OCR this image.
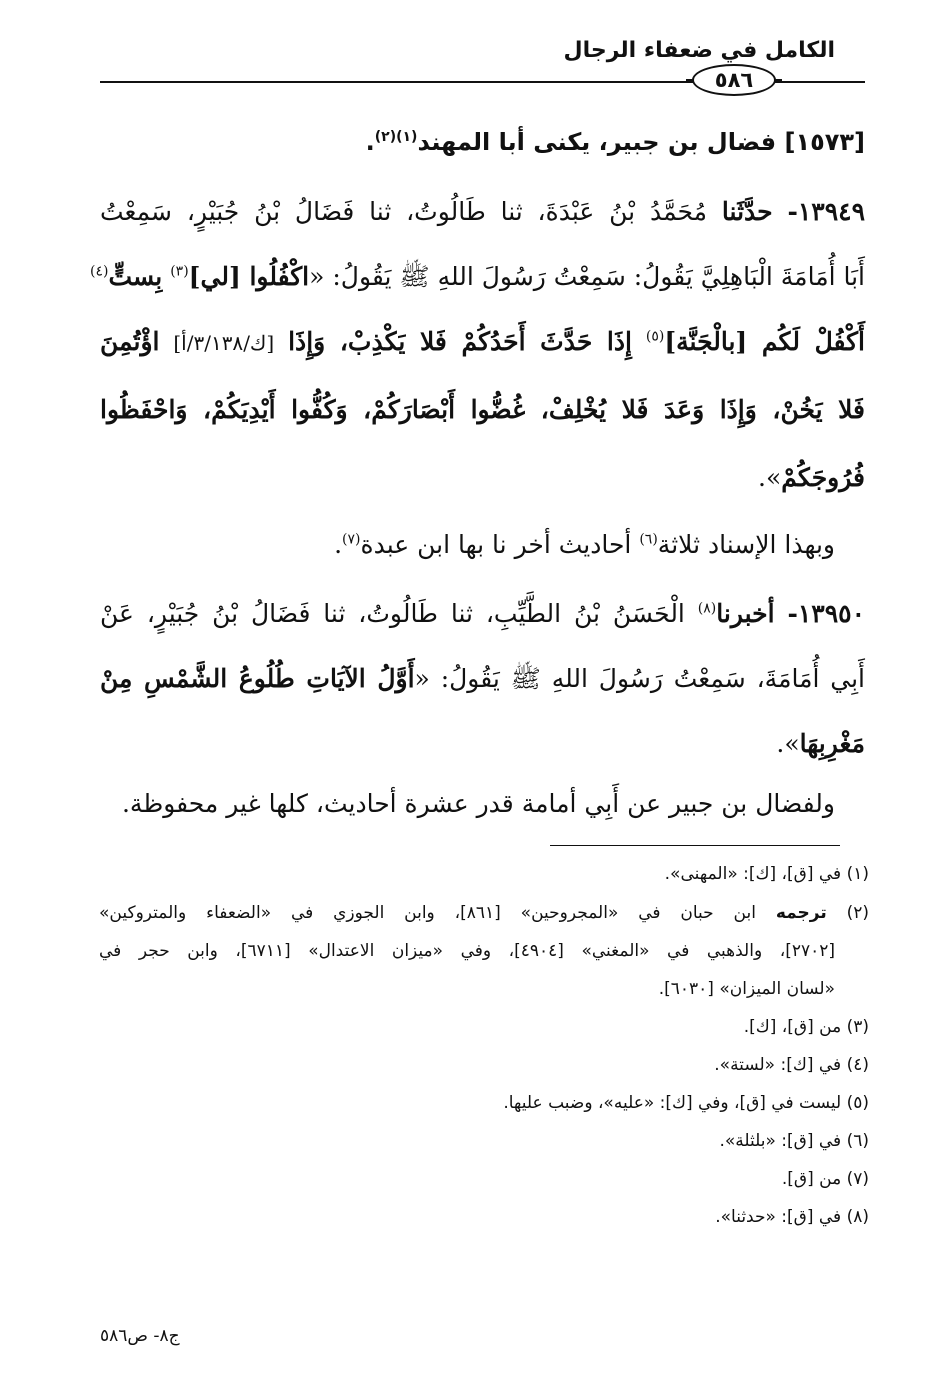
الكامل في ضعفاء الرجال
٥٨٦
[١٥٧٣] فضال بن جبير، يكنى أبا المهند$^{(١)(٢)}$.
١٣٩٤٩- حدَّثَنا مُحَمَّدُ بْنُ عَبْدَةَ، ثنا طَالُوتُ، ثنا فَضَالُ بْنُ جُبَيْرٍ، سَمِعْتُ
أَبَا أُمَامَةَ الْبَاهِلِيَّ يَقُولُ: سَمِعْتُ رَسُولَ اللهِ ﷺ يَقُولُ: «اكْفُلُوا [لي]$^{(٣)}$ بِستٍّ$^{(٤)}$
أَكْفُلْ لَكُم [بالْجَنَّة]$^{(٥)}$ إِذَا حَدَّثَ أَحَدُكُمْ فَلا يَكْذِبْ، وَإِذَا [ك/٣/١٣٨/أ] اؤْتُمِنَ
فَلا يَخُنْ، وَإِذَا وَعَدَ فَلا يُخْلِفْ، غُضُّوا أَبْصَارَكُمْ، وَكُفُّوا أَيْدِيَكُمْ، وَاحْفَظُوا
فُرُوجَكُمْ».
وبهذا الإسناد ثلاثة$^{(٦)}$ أحاديث أخر نا بها ابن عبدة$^{(٧)}$.
١٣٩٥٠- أخبرنا$^{(٨)}$ الْحَسَنُ بْنُ الطَّيِّبِ، ثنا طَالُوتُ، ثنا فَضَالُ بْنُ جُبَيْرٍ، عَنْ
أَبِي أُمَامَةَ، سَمِعْتُ رَسُولَ اللهِ ﷺ يَقُولُ: «أَوَّلُ الآيَاتِ طُلُوعُ الشَّمْسِ مِنْ
مَغْرِبِهَا».
ولفضال بن جبير عن أَبِي أمامة قدر عشرة أحاديث، كلها غير محفوظة.
(١) في [ق]، [ك]: «المهنى».
(٢) ترجمه ابن حبان في «المجروحين» [٨٦١]، وابن الجوزي في «الضعفاء والمتروكين»
[٢٧٠٢]، والذهبي في «المغني» [٤٩٠٤]، وفي «ميزان الاعتدال» [٦٧١١]، وابن حجر في
«لسان الميزان» [٦٠٣٠].
(٣) من [ق]، [ك].
(٤) في [ك]: «لستة».
(٥) ليست في [ق]، وفي [ك]: «عليه»، وضبب عليها.
(٦) في [ق]: «بلثلة».
(٧) من [ق].
(٨) في [ق]: «حدثنا».
ج٨- ص٥٨٦
